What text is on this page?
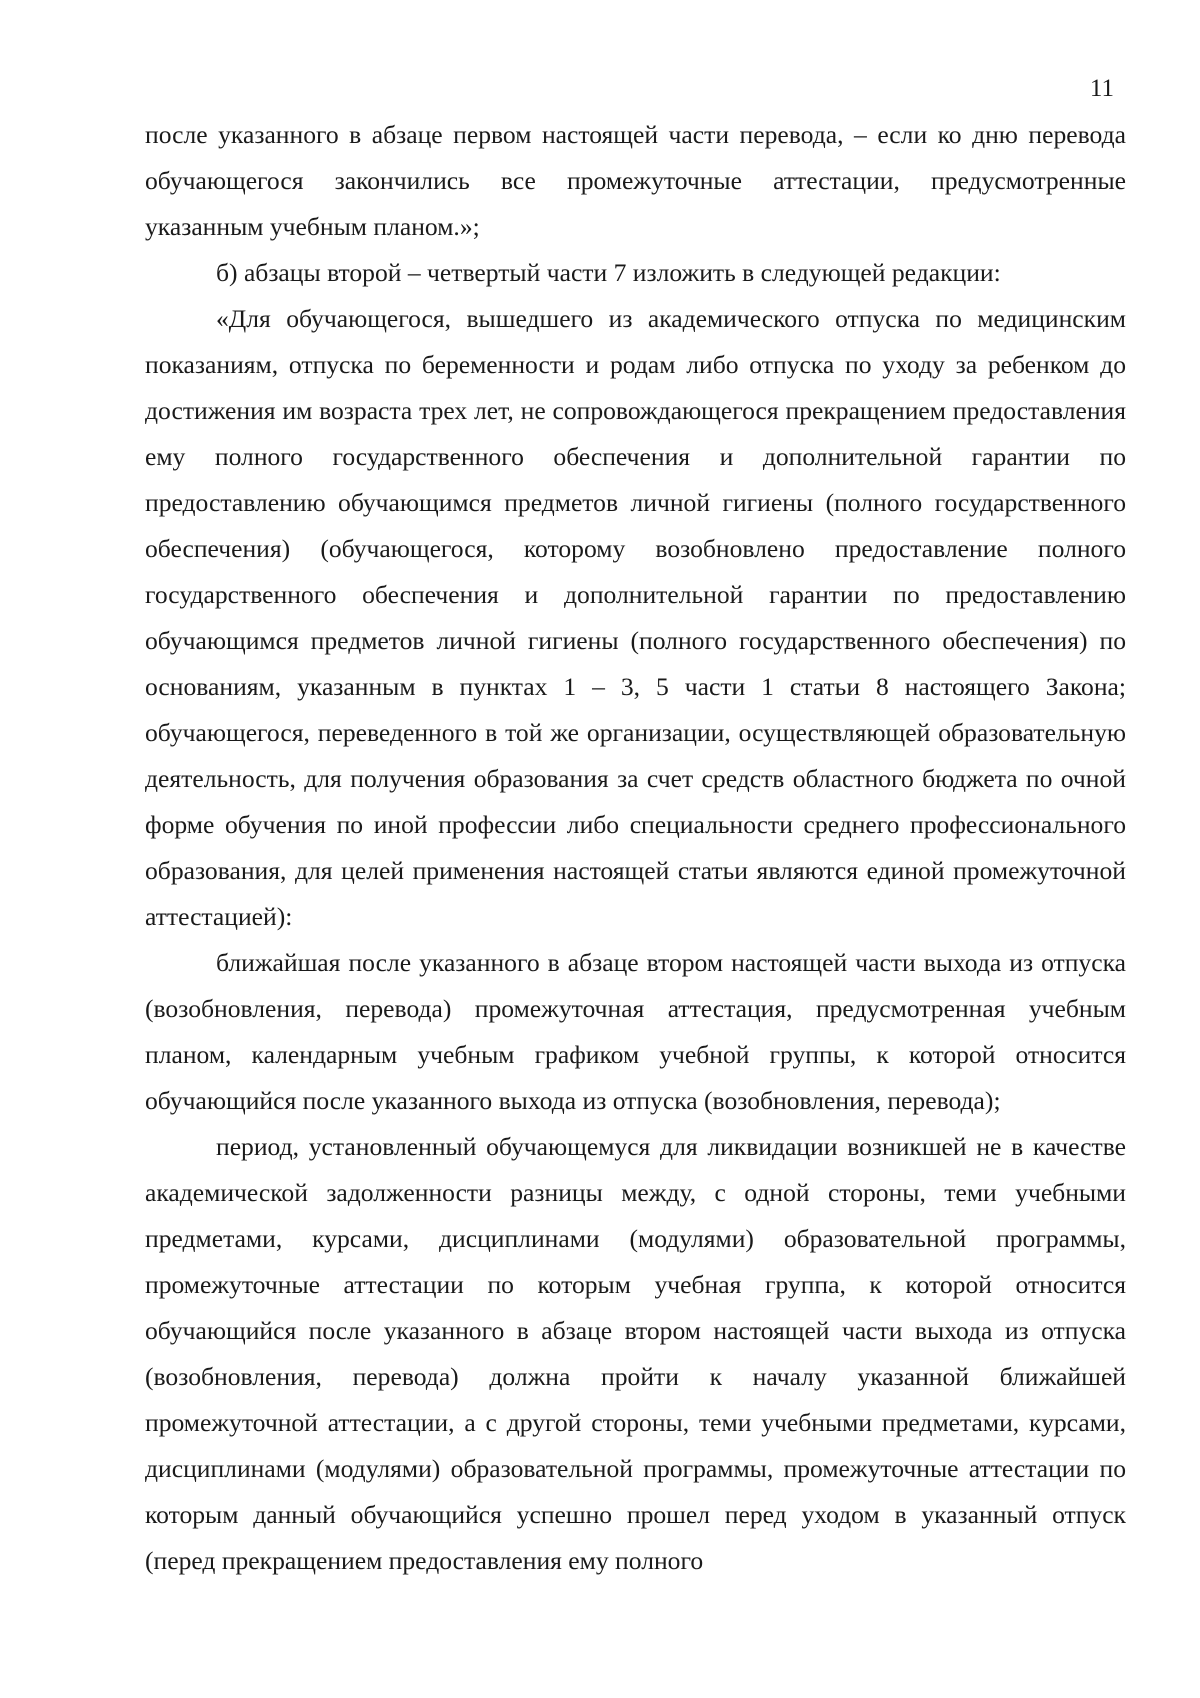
11

после указанного в абзаце первом настоящей части перевода, – если ко дню перевода обучающегося закончились все промежуточные аттестации, предусмотренные указанным учебным планом.»;

б) абзацы второй – четвертый части 7 изложить в следующей редакции:

«Для обучающегося, вышедшего из академического отпуска по медицинским показаниям, отпуска по беременности и родам либо отпуска по уходу за ребенком до достижения им возраста трех лет, не сопровождающегося прекращением предоставления ему полного государственного обеспечения и дополнительной гарантии по предоставлению обучающимся предметов личной гигиены (полного государственного обеспечения) (обучающегося, которому возобновлено предоставление полного государственного обеспечения и дополнительной гарантии по предоставлению обучающимся предметов личной гигиены (полного государственного обеспечения) по основаниям, указанным в пунктах 1 – 3, 5 части 1 статьи 8 настоящего Закона; обучающегося, переведенного в той же организации, осуществляющей образовательную деятельность, для получения образования за счет средств областного бюджета по очной форме обучения по иной профессии либо специальности среднего профессионального образования, для целей применения настоящей статьи являются единой промежуточной аттестацией):

ближайшая после указанного в абзаце втором настоящей части выхода из отпуска (возобновления, перевода) промежуточная аттестация, предусмотренная учебным планом, календарным учебным графиком учебной группы, к которой относится обучающийся после указанного выхода из отпуска (возобновления, перевода);

период, установленный обучающемуся для ликвидации возникшей не в качестве академической задолженности разницы между, с одной стороны, теми учебными предметами, курсами, дисциплинами (модулями) образовательной программы, промежуточные аттестации по которым учебная группа, к которой относится обучающийся после указанного в абзаце втором настоящей части выхода из отпуска (возобновления, перевода) должна пройти к началу указанной ближайшей промежуточной аттестации, а с другой стороны, теми учебными предметами, курсами, дисциплинами (модулями) образовательной программы, промежуточные аттестации по которым данный обучающийся успешно прошел перед уходом в указанный отпуск (перед прекращением предоставления ему полного
